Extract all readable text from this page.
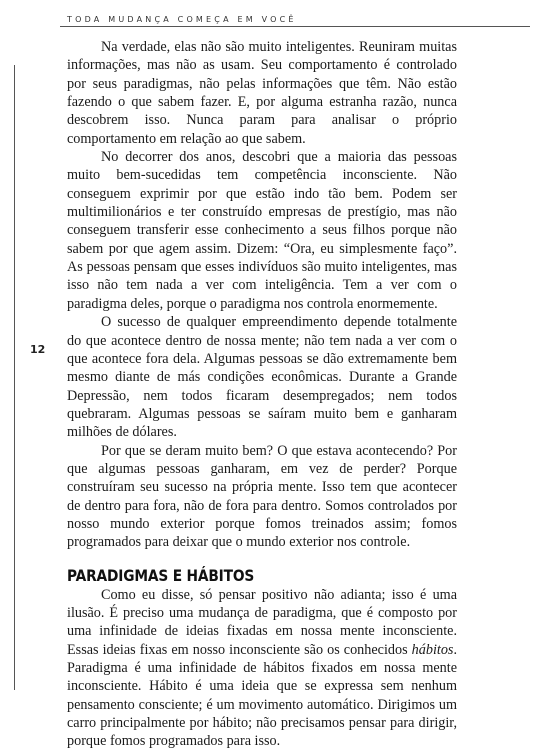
TODA MUDANÇA COMEÇA EM VOCÊ
12

Na verdade, elas não são muito inteligentes. Reuniram muitas informações, mas não as usam. Seu comportamento é controlado por seus paradigmas, não pelas informações que têm. Não estão fazendo o que sabem fazer. E, por alguma estranha razão, nunca descobrem isso. Nunca param para analisar o próprio comportamento em relação ao que sabem.

No decorrer dos anos, descobri que a maioria das pessoas muito bem-sucedidas tem competência inconsciente. Não conseguem exprimir por que estão indo tão bem. Podem ser multimilionários e ter construído empresas de prestígio, mas não conseguem transferir esse conhecimento a seus filhos porque não sabem por que agem assim. Dizem: “Ora, eu simplesmente faço”. As pessoas pensam que esses indivíduos são muito inteligentes, mas isso não tem nada a ver com inteligência. Tem a ver com o paradigma deles, porque o paradigma nos controla enormemente.

O sucesso de qualquer empreendimento depende totalmente do que acontece dentro de nossa mente; não tem nada a ver com o que acontece fora dela. Algumas pessoas se dão extremamente bem mesmo diante de más condições econômicas. Durante a Grande Depressão, nem todos ficaram desempregados; nem todos quebraram. Algumas pessoas se saíram muito bem e ganharam milhões de dólares.

Por que se deram muito bem? O que estava acontecendo? Por que algumas pessoas ganharam, em vez de perder? Porque construíram seu sucesso na própria mente. Isso tem que acontecer de dentro para fora, não de fora para dentro. Somos controlados por nosso mundo exterior porque fomos treinados assim; fomos programados para deixar que o mundo exterior nos controle.

PARADIGMAS E HÁBITOS

Como eu disse, só pensar positivo não adianta; isso é uma ilusão. É preciso uma mudança de paradigma, que é composto por uma infinidade de ideias fixadas em nossa mente inconsciente. Essas ideias fixas em nosso inconsciente são os conhecidos hábitos. Paradigma é uma infinidade de hábitos fixados em nossa mente inconsciente. Hábito é uma ideia que se expressa sem nenhum pensamento consciente; é um movimento automático. Dirigimos um carro principalmente por hábito; não precisamos pensar para dirigir, porque fomos programados para isso.
